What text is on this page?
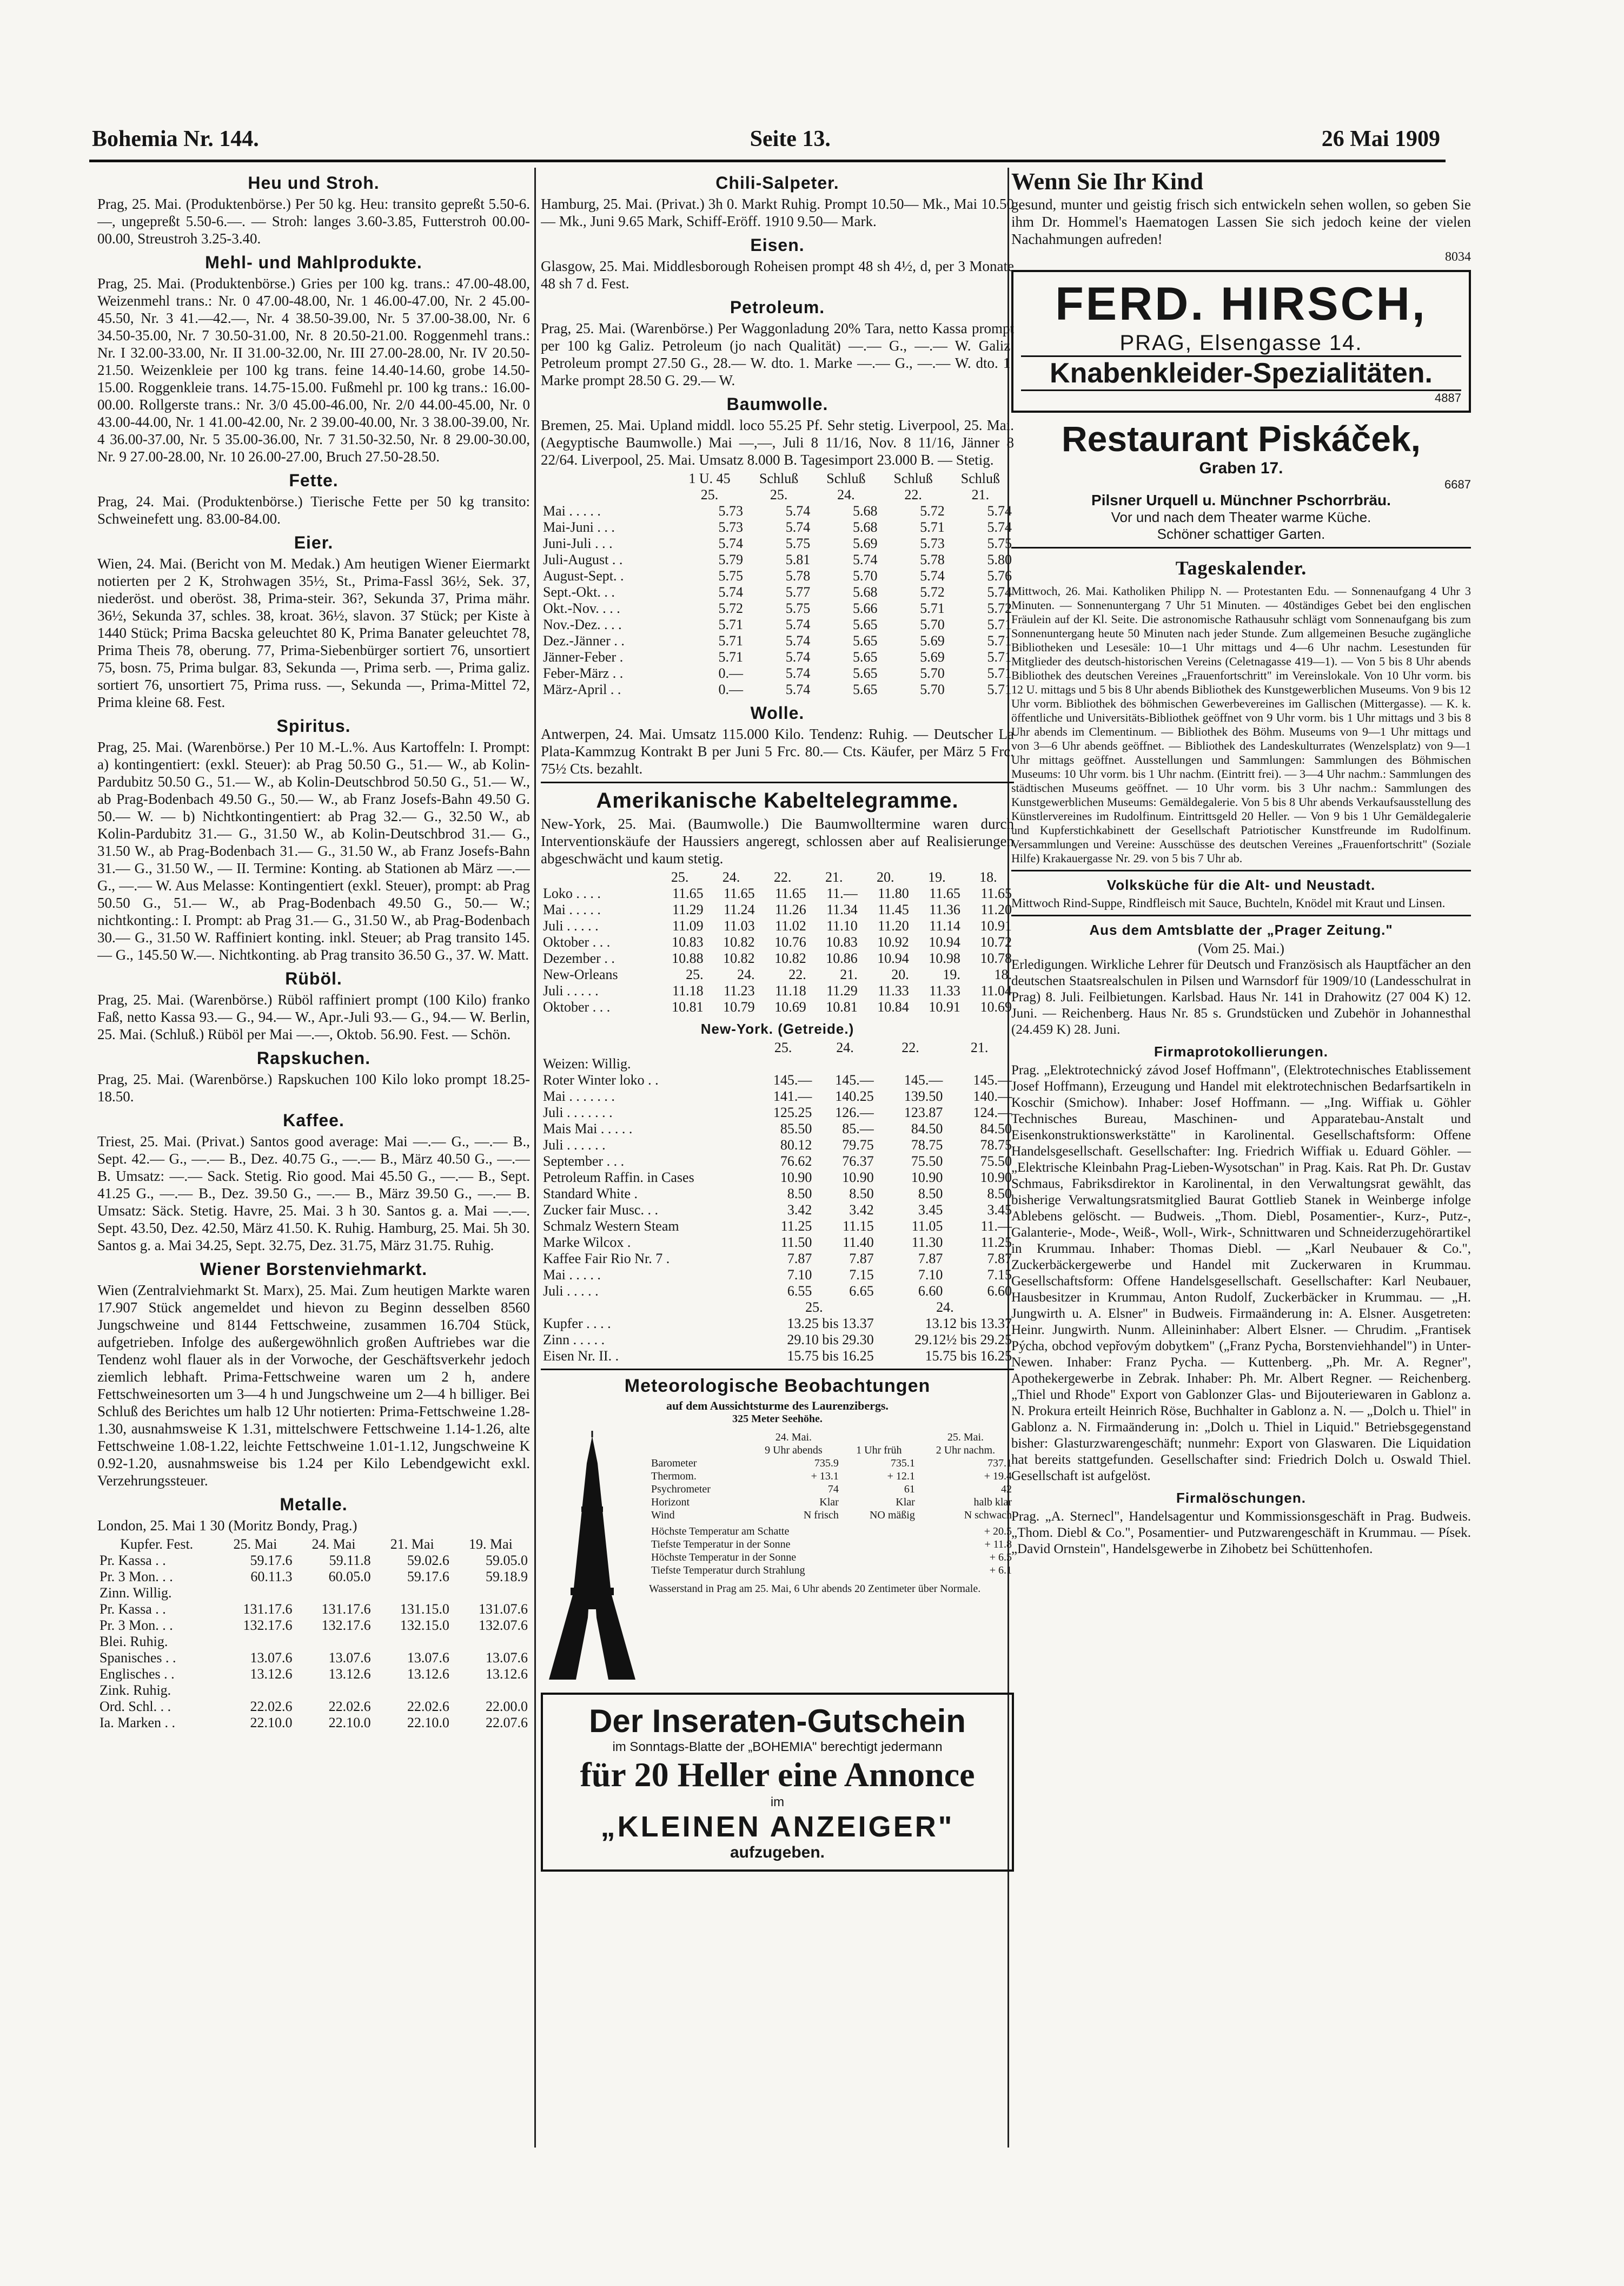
Bohemia Nr. 144.	Seite 13.	26 Mai 1909
Heu und Stroh.

Prag, 25. Mai. (Produktenbörse.) Per 50 kg. Heu: transito gepreßt 5.50-6.—, ungepreßt 5.50-6.—. — Stroh: langes 3.60-3.85, Futterstroh 00.00-00.00, Streustroh 3.25-3.40.

Mehl- und Mahlprodukte.

Prag, 25. Mai. (Produktenbörse.) Gries per 100 kg. trans.: 47.00-48.00, Weizenmehl trans.: Nr. 0 47.00-48.00, Nr. 1 46.00-47.00, Nr. 2 45.00-45.50, Nr. 3 41.—42.—, Nr. 4 38.50-39.00, Nr. 5 37.00-38.00, Nr. 6 34.50-35.00, Nr. 7 30.50-31.00, Nr. 8 20.50-21.00. Roggenmehl trans.: Nr. I 32.00-33.00, Nr. II 31.00-32.00, Nr. III 27.00-28.00, Nr. IV 20.50-21.50. Weizenkleie per 100 kg trans. feine 14.40-14.60, grobe 14.50-15.00. Roggenkleie trans. 14.75-15.00. Fußmehl pr. 100 kg trans.: 16.00-00.00. Rollgerste trans.: Nr. 3/0 45.00-46.00, Nr. 2/0 44.00-45.00, Nr. 0 43.00-44.00, Nr. 1 41.00-42.00, Nr. 2 39.00-40.00, Nr. 3 38.00-39.00, Nr. 4 36.00-37.00, Nr. 5 35.00-36.00, Nr. 7 31.50-32.50, Nr. 8 29.00-30.00, Nr. 9 27.00-28.00, Nr. 10 26.00-27.00, Bruch 27.50-28.50.

Fette.

Prag, 24. Mai. (Produktenbörse.) Tierische Fette per 50 kg transito: Schweinefett ung. 83.00-84.00.

Eier.

Wien, 24. Mai. (Bericht von M. Medak.) Am heutigen Wiener Eiermarkt notierten per 2 K, Strohwagen 35½, St., Prima-Fassl 36½, Sek. 37, niederöst. und oberöst. 38, Prima-steir. 36?, Sekunda 37, Prima mähr. 36½, Sekunda 37, schles. 38, kroat. 36½, slavon. 37 Stück; per Kiste à 1440 Stück; Prima Bacska geleuchtet 80 K, Prima Banater geleuchtet 78, Prima Theis 78, oberung. 77, Prima-Siebenbürger sortiert 76, unsortiert 75, bosn. 75, Prima bulgar. 83, Sekunda —, Prima serb. —, Prima galiz. sortiert 76, unsortiert 75, Prima russ. —, Sekunda —, Prima-Mittel 72, Prima kleine 68. Fest.

Spiritus.

Prag, 25. Mai. (Warenbörse.) Per 10 M.-L.%. Aus Kartoffeln: I. Prompt: a) kontingentiert: (exkl. Steuer): ab Prag 50.50 G., 51.— W., ab Kolin-Pardubitz 50.50 G., 51.— W., ab Kolin-Deutschbrod 50.50 G., 51.— W., ab Prag-Bodenbach 49.50 G., 50.— W., ab Franz Josefs-Bahn 49.50 G. 50.— W. — b) Nichtkontingentiert: ab Prag 32.— G., 32.50 W., ab Kolin-Pardubitz 31.— G., 31.50 W., ab Kolin-Deutschbrod 31.— G., 31.50 W., ab Prag-Bodenbach 31.— G., 31.50 W., ab Franz Josefs-Bahn 31.— G., 31.50 W., — II. Termine: Konting. ab Stationen ab März —.— G., —.— W. Aus Melasse: Kontingentiert (exkl. Steuer), prompt: ab Prag 50.50 G., 51.— W., ab Prag-Bodenbach 49.50 G., 50.— W.; nichtkonting.: I. Prompt: ab Prag 31.— G., 31.50 W., ab Prag-Bodenbach 30.— G., 31.50 W. Raffiniert konting. inkl. Steuer; ab Prag transito 145.— G., 145.50 W.—. Nichtkonting. ab Prag transito 36.50 G., 37. W. Matt.

Rüböl.

Prag, 25. Mai. (Warenbörse.) Rüböl raffiniert prompt (100 Kilo) franko Faß, netto Kassa 93.— G., 94.— W., Apr.-Juli 93.— G., 94.— W. Berlin, 25. Mai. (Schluß.) Rüböl per Mai —.—, Oktob. 56.90. Fest. — Schön.

Rapskuchen.

Prag, 25. Mai. (Warenbörse.) Rapskuchen 100 Kilo loko prompt 18.25-18.50.

Kaffee.

Triest, 25. Mai. (Privat.) Santos good average: Mai —.— G., —.— B., Sept. 42.— G., —.— B., Dez. 40.75 G., —.— B., März 40.50 G., —.— B. Umsatz: —.— Sack. Stetig. Rio good. Mai 45.50 G., —.— B., Sept. 41.25 G., —.— B., Dez. 39.50 G., —.— B., März 39.50 G., —.— B. Umsatz: Säck. Stetig. Havre, 25. Mai. 3 h 30. Santos g. a. Mai —.—. Sept. 43.50, Dez. 42.50, März 41.50. K. Ruhig. Hamburg, 25. Mai. 5h 30. Santos g. a. Mai 34.25, Sept. 32.75, Dez. 31.75, März 31.75. Ruhig.

Wiener Borstenviehmarkt.

Wien (Zentralviehmarkt St. Marx), 25. Mai. Zum heutigen Markte waren 17.907 Stück angemeldet und hievon zu Beginn desselben 8560 Jungschweine und 8144 Fettschweine, zusammen 16.704 Stück, aufgetrieben. Infolge des außergewöhnlich großen Auftriebes war die Tendenz wohl flauer als in der Vorwoche, der Geschäftsverkehr jedoch ziemlich lebhaft. Prima-Fettschweine waren um 2 h, andere Fettschweinesorten um 3—4 h und Jungschweine um 2—4 h billiger. Bei Schluß des Berichtes um halb 12 Uhr notierten: Prima-Fettschweine 1.28-1.30, ausnahmsweise K 1.31, mittelschwere Fettschweine 1.14-1.26, alte Fettschweine 1.08-1.22, leichte Fettschweine 1.01-1.12, Jungschweine K 0.92-1.20, ausnahmsweise bis 1.24 per Kilo Lebendgewicht exkl. Verzehrungssteuer.

Metalle.

London, 25. Mai 1 30 (Moritz Bondy, Prag.)

Kupfer. Fest.	25. Mai	24. Mai	21. Mai	19. Mai
Pr. Kassa . .	59.17.6	59.11.8	59.02.6	59.05.0
Pr. 3 Mon. . .	60.11.3	60.05.0	59.17.6	59.18.9
Zinn. Willig.				
Pr. Kassa . .	131.17.6	131.17.6	131.15.0	131.07.6
Pr. 3 Mon. . .	132.17.6	132.17.6	132.15.0	132.07.6
Blei. Ruhig.				
Spanisches . .	13.07.6	13.07.6	13.07.6	13.07.6
Englisches . .	13.12.6	13.12.6	13.12.6	13.12.6
Zink. Ruhig.				
Ord. Schl. . .	22.02.6	22.02.6	22.02.6	22.00.0
Ia. Marken . .	22.10.0	22.10.0	22.10.0	22.07.6
Chili-Salpeter.

Hamburg, 25. Mai. (Privat.) 3h 0. Markt Ruhig. Prompt 10.50— Mk., Mai 10.50— Mk., Juni 9.65 Mark, Schiff-Eröff. 1910 9.50— Mark.

Eisen.

Glasgow, 25. Mai. Middlesborough Roheisen prompt 48 sh 4½, d, per 3 Monate 48 sh 7 d. Fest.

Petroleum.

Prag, 25. Mai. (Warenbörse.) Per Waggonladung 20% Tara, netto Kassa prompt per 100 kg Galiz. Petroleum (jo nach Qualität) —.— G., —.— W. Galiz. Petroleum prompt 27.50 G., 28.— W. dto. 1. Marke —.— G., —.— W. dto. 1. Marke prompt 28.50 G. 29.— W.

Baumwolle.

Bremen, 25. Mai. Upland middl. loco 55.25 Pf. Sehr stetig. Liverpool, 25. Mai. (Aegyptische Baumwolle.) Mai —,—, Juli 8 11/16, Nov. 8 11/16, Jänner 8 22/64. Liverpool, 25. Mai. Umsatz 8.000 B. Tagesimport 23.000 B. — Stetig.

	1 U. 45	Schluß	Schluß	Schluß	Schluß
	25.	25.	24.	22.	21.
Mai . . . . .	5.73	5.74	5.68	5.72	5.74
Mai-Juni . . .	5.73	5.74	5.68	5.71	5.74
Juni-Juli . . .	5.74	5.75	5.69	5.73	5.75
Juli-August . .	5.79	5.81	5.74	5.78	5.80
August-Sept. .	5.75	5.78	5.70	5.74	5.76
Sept.-Okt. . .	5.74	5.77	5.68	5.72	5.74
Okt.-Nov. . . .	5.72	5.75	5.66	5.71	5.72
Nov.-Dez. . . .	5.71	5.74	5.65	5.70	5.71
Dez.-Jänner . .	5.71	5.74	5.65	5.69	5.71
Jänner-Feber .	5.71	5.74	5.65	5.69	5.71
Feber-März . .	0.—	5.74	5.65	5.70	5.71
März-April . .	0.—	5.74	5.65	5.70	5.71
Wolle.

Antwerpen, 24. Mai. Umsatz 115.000 Kilo. Tendenz: Ruhig. — Deutscher La Plata-Kammzug Kontrakt B per Juni 5 Frc. 80.— Cts. Käufer, per März 5 Frc. 75½ Cts. bezahlt.

Amerikanische Kabeltelegramme.

New-York, 25. Mai. (Baumwolle.) Die Baumwolltermine waren durch Interventionskäufe der Haussiers angeregt, schlossen aber auf Realisierungen abgeschwächt und kaum stetig.

	25.	24.	22.	21.	20.	19.	18.
Loko . . . .	11.65	11.65	11.65	11.—	11.80	11.65	11.65
Mai . . . . .	11.29	11.24	11.26	11.34	11.45	11.36	11.20
Juli . . . . .	11.09	11.03	11.02	11.10	11.20	11.14	10.91
Oktober . . .	10.83	10.82	10.76	10.83	10.92	10.94	10.72
Dezember . .	10.88	10.82	10.82	10.86	10.94	10.98	10.78
New-Orleans	25.	24.	22.	21.	20.	19.	18.
Juli . . . . .	11.18	11.23	11.18	11.29	11.33	11.33	11.04
Oktober . . .	10.81	10.79	10.69	10.81	10.84	10.91	10.69
New-York. (Getreide.)
	25.	24.	22.	21.
Weizen: Willig.				
Roter Winter loko . .	145.—	145.—	145.—	145.—
Mai . . . . . . .	141.—	140.25	139.50	140.—
Juli . . . . . . .	125.25	126.—	123.87	124.—
Mais Mai . . . . .	85.50	85.—	84.50	84.50
Juli . . . . . .	80.12	79.75	78.75	78.75
September . . .	76.62	76.37	75.50	75.50
Petroleum Raffin. in Cases	10.90	10.90	10.90	10.90
Standard White .	8.50	8.50	8.50	8.50
Zucker fair Musc. . .	3.42	3.42	3.45	3.45
Schmalz Western Steam	11.25	11.15	11.05	11.—
Marke Wilcox .	11.50	11.40	11.30	11.25
Kaffee Fair Rio Nr. 7 .	7.87	7.87	7.87	7.87
Mai . . . . .	7.10	7.15	7.10	7.15
Juli . . . . .	6.55	6.65	6.60	6.60
	25.		24.	
Kupfer . . . .	13.25 bis 13.37		13.12 bis 13.37	
Zinn . . . . .	29.10 bis 29.30		29.12½ bis 29.25	
Eisen Nr. II. .	15.75 bis 16.25		15.75 bis 16.25	
Meteorologische Beobachtungen
auf dem Aussichtsturme des Laurenzibergs.
325 Meter Seehöhe.
	24. Mai.		25. Mai.
	9 Uhr abends	1 Uhr früh	2 Uhr nachm.
Barometer	735.9	735.1	737.1
Thermom.	+ 13.1	+ 12.1	+ 19.4
Psychrometer	74	61	42
Horizont	Klar	Klar	halb klar
Wind	N frisch	NO mäßig	N schwach
Höchste Temperatur am Schatte	+ 20.5
Tiefste Temperatur in der Sonne	+ 11.8
Höchste Temperatur in der Sonne	+ 6.5
Tiefste Temperatur durch Strahlung	+ 6.1

Wasserstand in Prag am 25. Mai, 6 Uhr abends 20 Zentimeter über Normale.

Der Inseraten-Gutschein
im Sonntags-Blatte der „BOHEMIA" berechtigt jedermann
für 20 Heller eine Annonce
im
„KLEINEN ANZEIGER"
aufzugeben.
Wenn Sie Ihr Kind

gesund, munter und geistig frisch sich entwickeln sehen wollen, so geben Sie ihm Dr. Hommel's Haematogen Lassen Sie sich jedoch keine der vielen Nachahmungen aufreden!

8034
FERD. HIRSCH,
PRAG, Elsengasse 14.
Knabenkleider-Spezialitäten.
4887
Restaurant Piskáček,
Graben 17.
6687
Pilsner Urquell u. Münchner Pschorrbräu.
Vor und nach dem Theater warme Küche.
Schöner schattiger Garten.
Tageskalender.

Mittwoch, 26. Mai. Katholiken Philipp N. — Protestanten Edu. — Sonnenaufgang 4 Uhr 3 Minuten. — Sonnenuntergang 7 Uhr 51 Minuten. — 40ständiges Gebet bei den englischen Fräulein auf der Kl. Seite. Die astronomische Rathausuhr schlägt vom Sonnenaufgang bis zum Sonnenuntergang heute 50 Minuten nach jeder Stunde. Zum allgemeinen Besuche zugängliche Bibliotheken und Lesesäle: 10—1 Uhr mittags und 4—6 Uhr nachm. Lesestunden für Mitglieder des deutsch-historischen Vereins (Celetnagasse 419—1). — Von 5 bis 8 Uhr abends Bibliothek des deutschen Vereines „Frauenfortschritt" im Vereinslokale. Von 10 Uhr vorm. bis 12 U. mittags und 5 bis 8 Uhr abends Bibliothek des Kunstgewerblichen Museums. Von 9 bis 12 Uhr vorm. Bibliothek des böhmischen Gewerbevereines im Gallischen (Mittergasse). — K. k. öffentliche und Universitäts-Bibliothek geöffnet von 9 Uhr vorm. bis 1 Uhr mittags und 3 bis 8 Uhr abends im Clementinum. — Bibliothek des Böhm. Museums von 9—1 Uhr mittags und von 3—6 Uhr abends geöffnet. — Bibliothek des Landeskulturrates (Wenzelsplatz) von 9—1 Uhr mittags geöffnet. Ausstellungen und Sammlungen: Sammlungen des Böhmischen Museums: 10 Uhr vorm. bis 1 Uhr nachm. (Eintritt frei). — 3—4 Uhr nachm.: Sammlungen des städtischen Museums geöffnet. — 10 Uhr vorm. bis 3 Uhr nachm.: Sammlungen des Kunstgewerblichen Museums: Gemäldegalerie. Von 5 bis 8 Uhr abends Verkaufsausstellung des Künstlervereines im Rudolfinum. Eintrittsgeld 20 Heller. — Von 9 bis 1 Uhr Gemäldegalerie und Kupferstichkabinett der Gesellschaft Patriotischer Kunstfreunde im Rudolfinum. Versammlungen und Vereine: Ausschüsse des deutschen Vereines „Frauenfortschritt" (Soziale Hilfe) Krakauergasse Nr. 29. von 5 bis 7 Uhr ab.

Volksküche für die Alt- und Neustadt.

Mittwoch Rind-Suppe, Rindfleisch mit Sauce, Buchteln, Knödel mit Kraut und Linsen.

Aus dem Amtsblatte der „Prager Zeitung."
(Vom 25. Mai.)

Erledigungen. Wirkliche Lehrer für Deutsch und Französisch als Hauptfächer an den deutschen Staatsrealschulen in Pilsen und Warnsdorf für 1909/10 (Landesschulrat in Prag) 8. Juli. Feilbietungen. Karlsbad. Haus Nr. 141 in Drahowitz (27 004 K) 12. Juni. — Reichenberg. Haus Nr. 85 s. Grundstücken und Zubehör in Johannesthal (24.459 K) 28. Juni.

Firmaprotokollierungen.

Prag. „Elektrotechnický závod Josef Hoffmann", (Elektrotechnisches Etablissement Josef Hoffmann), Erzeugung und Handel mit elektrotechnischen Bedarfsartikeln in Koschir (Smichow). Inhaber: Josef Hoffmann. — „Ing. Wiffiak u. Göhler Technisches Bureau, Maschinen- und Apparatebau-Anstalt und Eisenkonstruktionswerkstätte" in Karolinental. Gesellschaftsform: Offene Handelsgesellschaft. Gesellschafter: Ing. Friedrich Wiffiak u. Eduard Göhler. — „Elektrische Kleinbahn Prag-Lieben-Wysotschan" in Prag. Kais. Rat Ph. Dr. Gustav Schmaus, Fabriksdirektor in Karolinental, in den Verwaltungsrat gewählt, das bisherige Verwaltungsratsmitglied Baurat Gottlieb Stanek in Weinberge infolge Ablebens gelöscht. — Budweis. „Thom. Diebl, Posamentier-, Kurz-, Putz-, Galanterie-, Mode-, Weiß-, Woll-, Wirk-, Schnittwaren und Schneiderzugehörartikel in Krummau. Inhaber: Thomas Diebl. — „Karl Neubauer & Co.", Zuckerbäckergewerbe und Handel mit Zuckerwaren in Krummau. Gesellschaftsform: Offene Handelsgesellschaft. Gesellschafter: Karl Neubauer, Hausbesitzer in Krummau, Anton Rudolf, Zuckerbäcker in Krummau. — „H. Jungwirth u. A. Elsner" in Budweis. Firmaänderung in: A. Elsner. Ausgetreten: Heinr. Jungwirth. Nunm. Alleininhaber: Albert Elsner. — Chrudim. „Frantisek Pýcha, obchod vepřovým dobytkem" („Franz Pycha, Borstenviehhandel") in Unter-Newen. Inhaber: Franz Pycha. — Kuttenberg. „Ph. Mr. A. Regner", Apothekergewerbe in Zebrak. Inhaber: Ph. Mr. Albert Regner. — Reichenberg. „Thiel und Rhode" Export von Gablonzer Glas- und Bijouteriewaren in Gablonz a. N. Prokura erteilt Heinrich Röse, Buchhalter in Gablonz a. N. — „Dolch u. Thiel" in Gablonz a. N. Firmaänderung in: „Dolch u. Thiel in Liquid." Betriebsgegenstand bisher: Glasturzwarengeschäft; nunmehr: Export von Glaswaren. Die Liquidation hat bereits stattgefunden. Gesellschafter sind: Friedrich Dolch u. Oswald Thiel. Gesellschaft ist aufgelöst.

Firmalöschungen.

Prag. „A. Sternecl", Handelsagentur und Kommissionsgeschäft in Prag. Budweis. „Thom. Diebl & Co.", Posamentier- und Putzwarengeschäft in Krummau. — Písek. „David Ornstein", Handelsgewerbe in Zihobetz bei Schüttenhofen.
